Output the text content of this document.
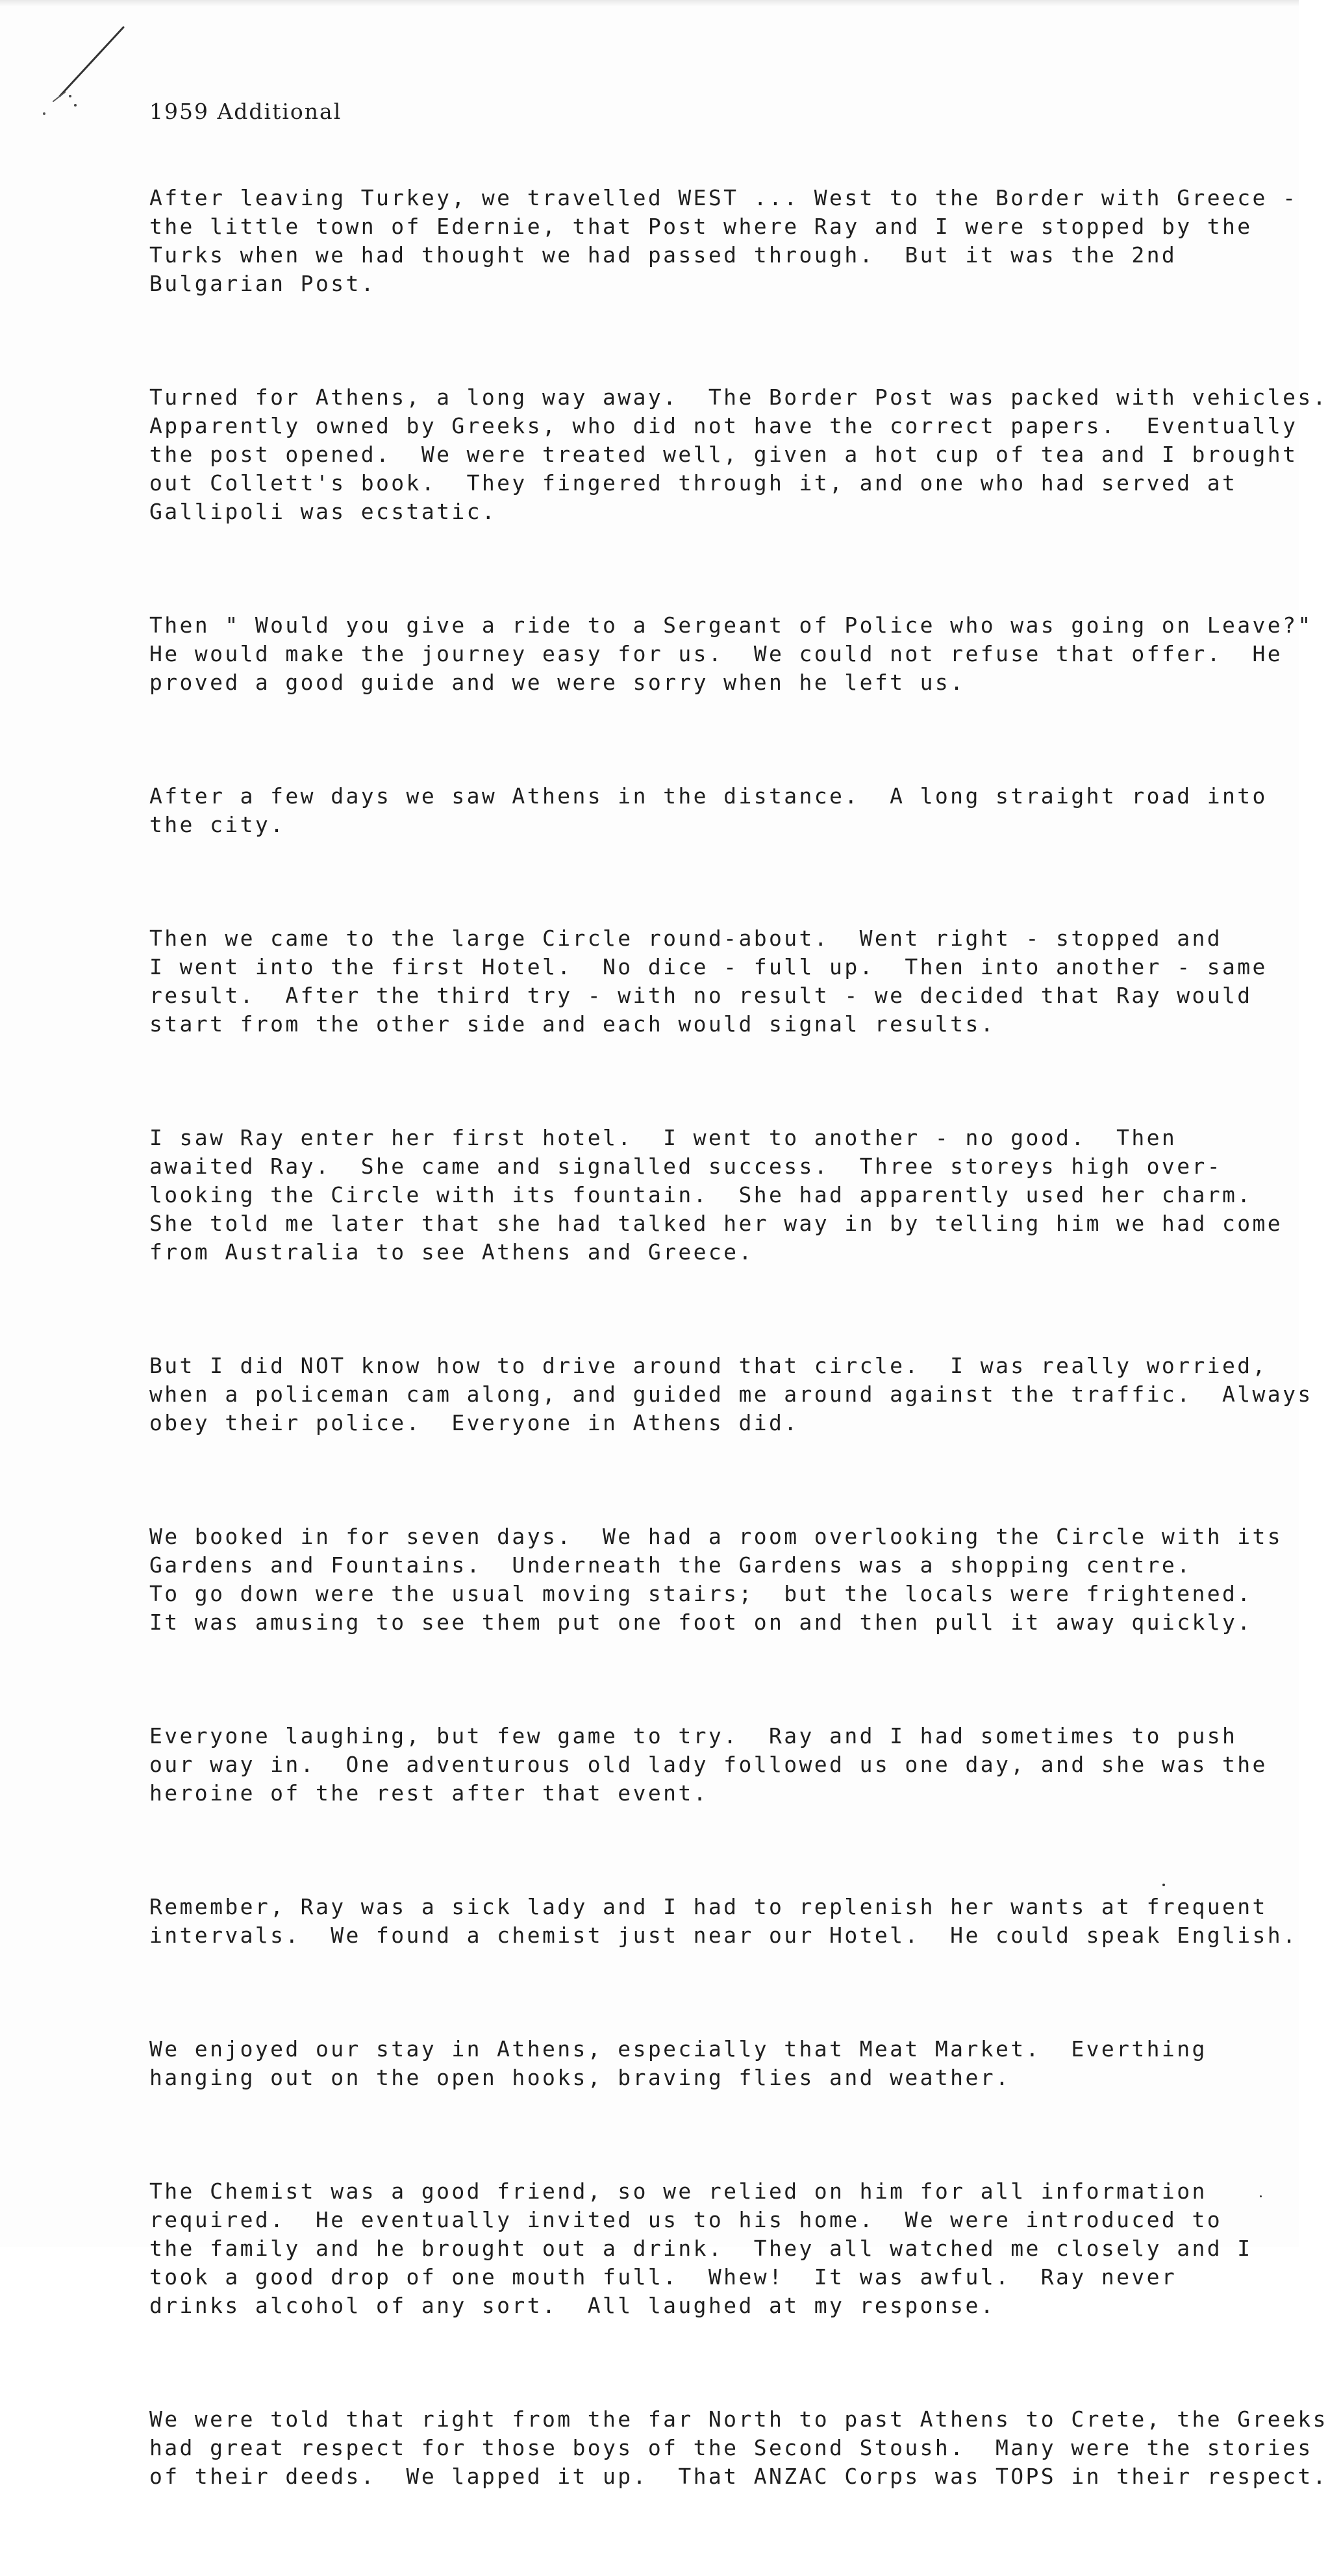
1959 Additional

After leaving Turkey, we travelled WEST ... West to the Border with Greece -
the little town of Edernie, that Post where Ray and I were stopped by the
Turks when we had thought we had passed through.  But it was the 2nd
Bulgarian Post.

Turned for Athens, a long way away.  The Border Post was packed with vehicles.
Apparently owned by Greeks, who did not have the correct papers.  Eventually
the post opened.  We were treated well, given a hot cup of tea and I brought
out Collett's book.  They fingered through it, and one who had served at
Gallipoli was ecstatic.

Then " Would you give a ride to a Sergeant of Police who was going on Leave?"
He would make the journey easy for us.  We could not refuse that offer.  He
proved a good guide and we were sorry when he left us.

After a few days we saw Athens in the distance.  A long straight road into
the city.

Then we came to the large Circle round-about.  Went right - stopped and
I went into the first Hotel.  No dice - full up.  Then into another - same
result.  After the third try - with no result - we decided that Ray would
start from the other side and each would signal results.

I saw Ray enter her first hotel.  I went to another - no good.  Then
awaited Ray.  She came and signalled success.  Three storeys high over-
looking the Circle with its fountain.  She had apparently used her charm.
She told me later that she had talked her way in by telling him we had come
from Australia to see Athens and Greece.

But I did NOT know how to drive around that circle.  I was really worried,
when a policeman cam along, and guided me around against the traffic.  Always
obey their police.  Everyone in Athens did.

We booked in for seven days.  We had a room overlooking the Circle with its
Gardens and Fountains.  Underneath the Gardens was a shopping centre.
To go down were the usual moving stairs;  but the locals were frightened.
It was amusing to see them put one foot on and then pull it away quickly.

Everyone laughing, but few game to try.  Ray and I had sometimes to push
our way in.  One adventurous old lady followed us one day, and she was the
heroine of the rest after that event.

Remember, Ray was a sick lady and I had to replenish her wants at frequent
intervals.  We found a chemist just near our Hotel.  He could speak English.

We enjoyed our stay in Athens, especially that Meat Market.  Everthing
hanging out on the open hooks, braving flies and weather.

The Chemist was a good friend, so we relied on him for all information
required.  He eventually invited us to his home.  We were introduced to
the family and he brought out a drink.  They all watched me closely and I
took a good drop of one mouth full.  Whew!  It was awful.  Ray never
drinks alcohol of any sort.  All laughed at my response.

We were told that right from the far North to past Athens to Crete, the Greeks
had great respect for those boys of the Second Stoush.  Many were the stories
of their deeds.  We lapped it up.  That ANZAC Corps was TOPS in their respect.
